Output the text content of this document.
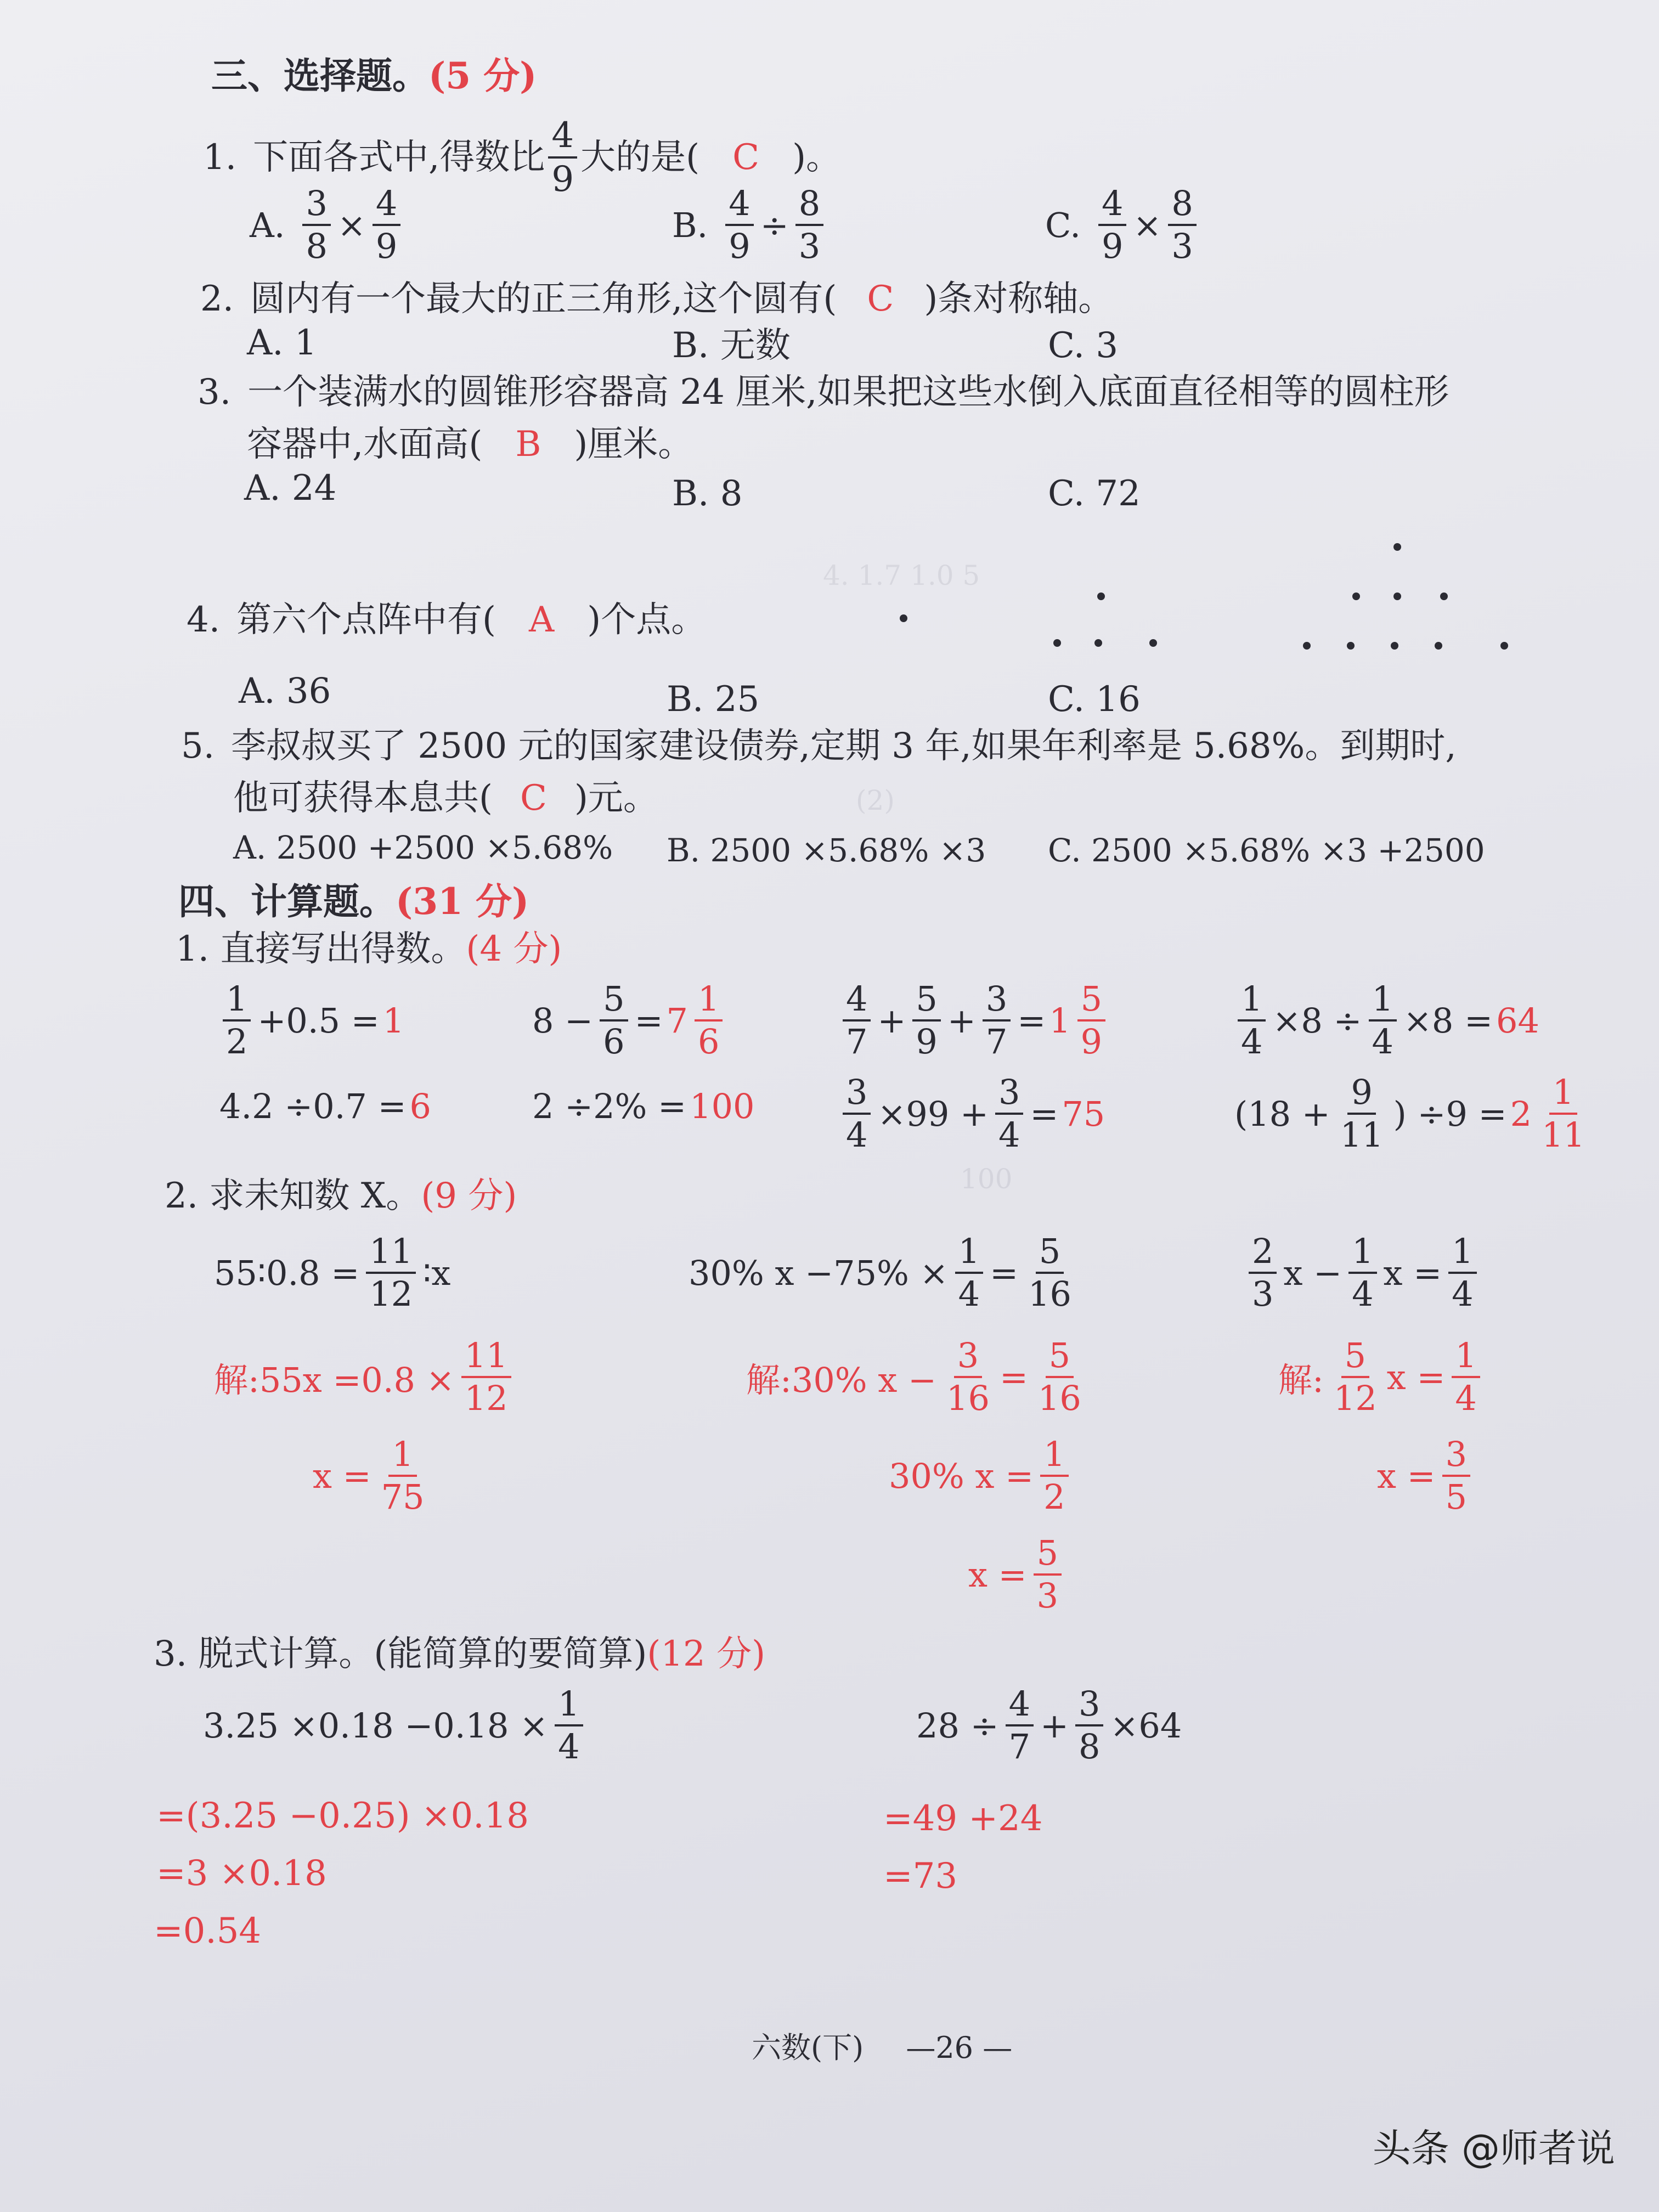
4. 1.7 1.0 5
(2)
100
三、选择题。(5 分)
1. 下面各式中,得数比 $\frac{4}{9}$ 大的是( C )。
A. $\frac{3}{8} \times \frac{4}{9}$	B. $\frac{4}{9} \div \frac{8}{3}$	C. $\frac{4}{9} \times \frac{8}{3}$
2. 圆内有一个最大的正三角形,这个圆有( C )条对称轴。
A. 1	B. 无数	C. 3
3. 一个装满水的圆锥形容器高 24 厘米,如果把这些水倒入底面直径相等的圆柱形
容器中,水面高( B )厘米。
A. 24	B. 8	C. 72
4. 第六个点阵中有( A )个点。
A. 36	B. 25	C. 16
5. 李叔叔买了 2500 元的国家建设债券,定期 3 年,如果年利率是 5.68%。到期时,
他可获得本息共( C )元。
A. 2500 +2500 ×5.68% B. 2500 ×5.68% ×3 C. 2500 ×5.68% ×3 +2500
四、计算题。(31 分)
1. 直接写出得数。(4 分)
$\frac{1}{2} +0.5 = 1$	$8 - \frac{5}{6} = 7 \frac{1}{6}$	$\frac{4}{7} + \frac{5}{9} + \frac{3}{7} = 1 \frac{5}{9}$	$\frac{1}{4} \times 8 \div \frac{1}{4} \times 8 = 64$
4.2 ÷0.7 = 6	2 ÷2% = 100	$\frac{3}{4} \times 99 + \frac{3}{4} = 75$	($18 + \frac{9}{11}$ ) $\div 9 = 2 \frac{1}{11}$
2. 求未知数 X。(9 分)
55∶0.8 = $\frac{11}{12}$ ∶x
解:55x $=0.8 \times \frac{11}{12}$
$x = \frac{1}{75}$
30% $x -75\% \times \frac{1}{4} = \frac{5}{16}$
解:30% $x - \frac{3}{16} = \frac{5}{16}$
30% $x = \frac{1}{2}$
$x = \frac{5}{3}$
$\frac{2}{3}$ $x - \frac{1}{4}$ $x = \frac{1}{4}$
解: $\frac{5}{12}$ $x = \frac{1}{4}$
$x = \frac{3}{5}$
3. 脱式计算。(能简算的要简算)(12 分)
$3.25 \times 0.18 -0.18 \times \frac{1}{4}$
=(3.25 −0.25) ×0.18
=3 ×0.18
=0.54
$28 \div \frac{4}{7} + \frac{3}{8} \times 64$
=49 +24
=73
六数(下) —26 —
头条 @师者说
